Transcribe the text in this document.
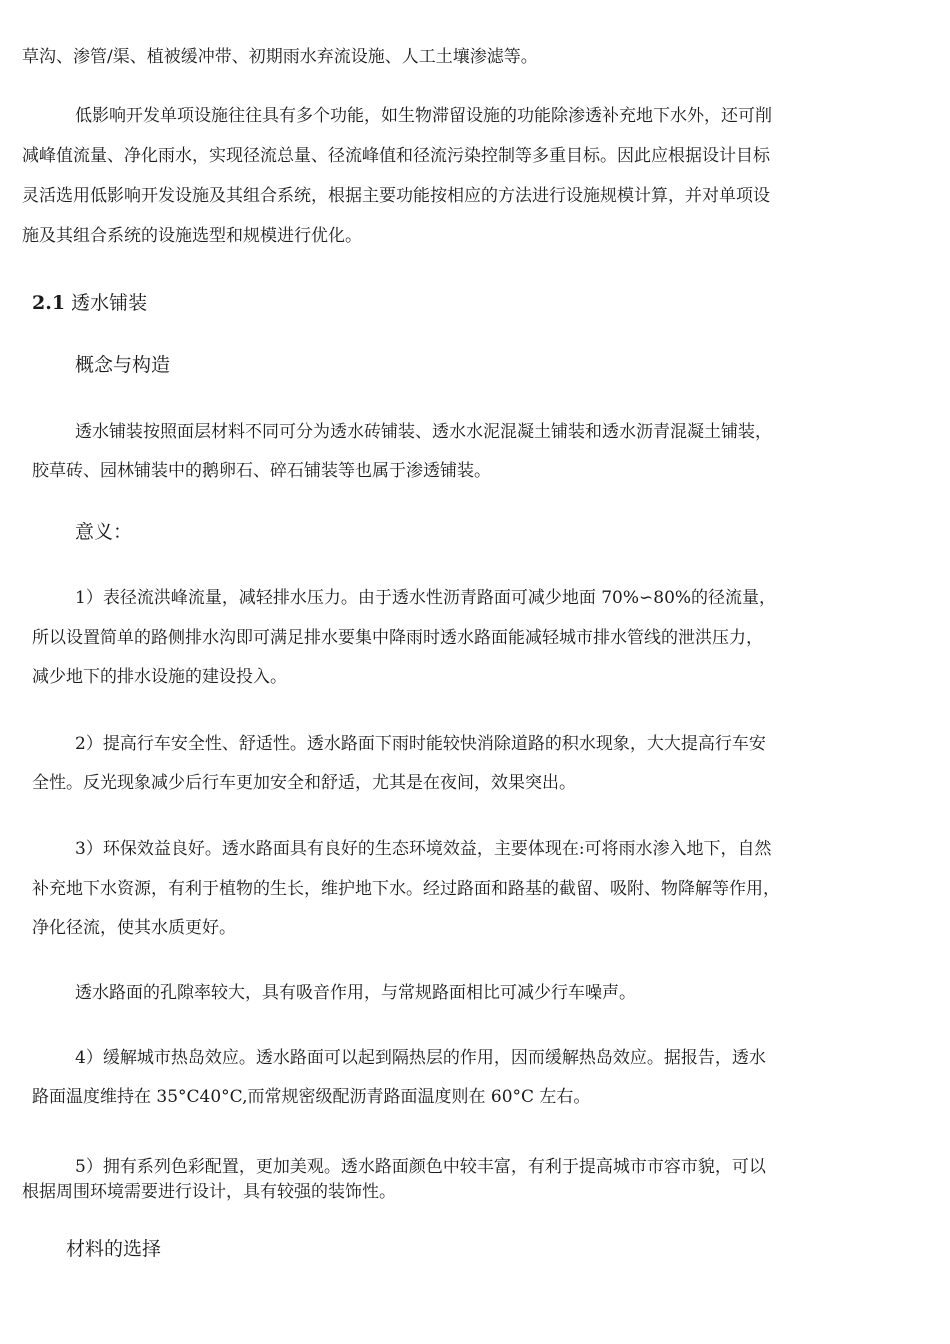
草沟、渗管/渠、植被缓冲带、初期雨水弃流设施、人工土壤渗滤等。
低影响开发单项设施往往具有多个功能，如生物滞留设施的功能除渗透补充地下水外，还可削
减峰值流量、净化雨水，实现径流总量、径流峰值和径流污染控制等多重目标。因此应根据设计目标
灵活选用低影响开发设施及其组合系统，根据主要功能按相应的方法进行设施规模计算，并对单项设
施及其组合系统的设施选型和规模进行优化。
2.1 透水铺装
概念与构造
透水铺装按照面层材料不同可分为透水砖铺装、透水水泥混凝土铺装和透水沥青混凝土铺装，
胶草砖、园林铺装中的鹅卵石、碎石铺装等也属于渗透铺装。
意义：
1）表径流洪峰流量，减轻排水压力。由于透水性沥青路面可减少地面 70%∽80%的径流量，
所以设置简单的路侧排水沟即可满足排水要集中降雨时透水路面能减轻城市排水管线的泄洪压力，
减少地下的排水设施的建设投入。
2）提高行车安全性、舒适性。透水路面下雨时能较快消除道路的积水现象，大大提高行车安
全性。反光现象减少后行车更加安全和舒适，尤其是在夜间，效果突出。
3）环保效益良好。透水路面具有良好的生态环境效益，主要体现在:可将雨水渗入地下，自然
补充地下水资源，有利于植物的生长，维护地下水。经过路面和路基的截留、吸附、物降解等作用，
净化径流，使其水质更好。
透水路面的孔隙率较大，具有吸音作用，与常规路面相比可减少行车噪声。
4）缓解城市热岛效应。透水路面可以起到隔热层的作用，因而缓解热岛效应。据报告，透水
路面温度维持在 35°C40°C,而常规密级配沥青路面温度则在 60°C 左右。
5）拥有系列色彩配置，更加美观。透水路面颜色中较丰富，有利于提高城市市容市貌，可以
根据周围环境需要进行设计，具有较强的装饰性。
材料的选择
